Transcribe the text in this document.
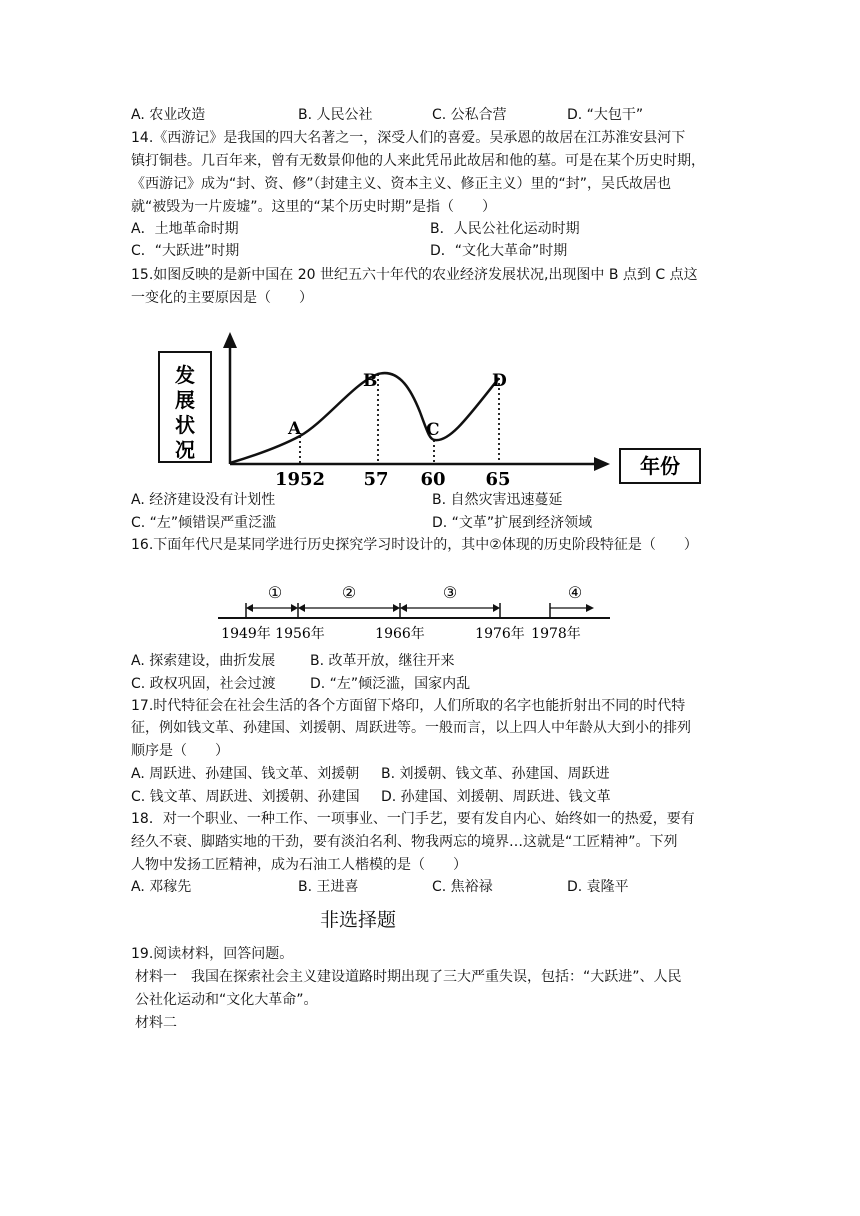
A. 农业改造	B. 人民公社	C. 公私合营	D. “大包干”
14.《西游记》是我国的四大名著之一，深受人们的喜爱。吴承恩的故居在江苏淮安县河下
镇打铜巷。几百年来，曾有无数景仰他的人来此凭吊此故居和他的墓。可是在某个历史时期，
《西游记》成为“封、资、修”（封建主义、资本主义、修正主义）里的“封”，吴氏故居也
就“被毁为一片废墟”。这里的“某个历史时期”是指（　　）
A．土地革命时期	B．人民公社化运动时期
C．“大跃进”时期	D．“文化大革命”时期
15.如图反映的是新中国在 20 世纪五六十年代的农业经济发展状况,出现图中 B 点到 C 点这
一变化的主要原因是（　　）
发展状况
年份
A
B
C
D
1952 57 60 65
A. 经济建设没有计划性	B. 自然灾害迅速蔓延
C. “左”倾错误严重泛滥	D. “文革”扩展到经济领域
16.下面年代尺是某同学进行历史探究学习时设计的，其中②体现的历史阶段特征是（　　）
①	②	③	④
1949年 1956年	1966年	1976年 1978年
A. 探索建设，曲折发展 B. 改革开放，继往开来
C. 政权巩固，社会过渡 D. “左”倾泛滥，国家内乱
17.时代特征会在社会生活的各个方面留下烙印，人们所取的名字也能折射出不同的时代特
征，例如钱文革、孙建国、刘援朝、周跃进等。一般而言，以上四人中年龄从大到小的排列
顺序是（　　）
A. 周跃进、孙建国、钱文革、刘援朝 B. 刘援朝、钱文革、孙建国、周跃进
C. 钱文革、周跃进、刘援朝、孙建国 D. 孙建国、刘援朝、周跃进、钱文革
18．对一个职业、一种工作、一项事业、一门手艺，要有发自内心、始终如一的热爱，要有
经久不衰、脚踏实地的干劲，要有淡泊名利、物我两忘的境界…这就是“工匠精神”。下列
人物中发扬工匠精神，成为石油工人楷模的是（　　）
A. 邓稼先	B. 王进喜	C. 焦裕禄	D. 袁隆平
非选择题
19.阅读材料，回答问题。
材料一　我国在探索社会主义建设道路时期出现了三大严重失误，包括：“大跃进”、人民
公社化运动和“文化大革命”。
材料二
